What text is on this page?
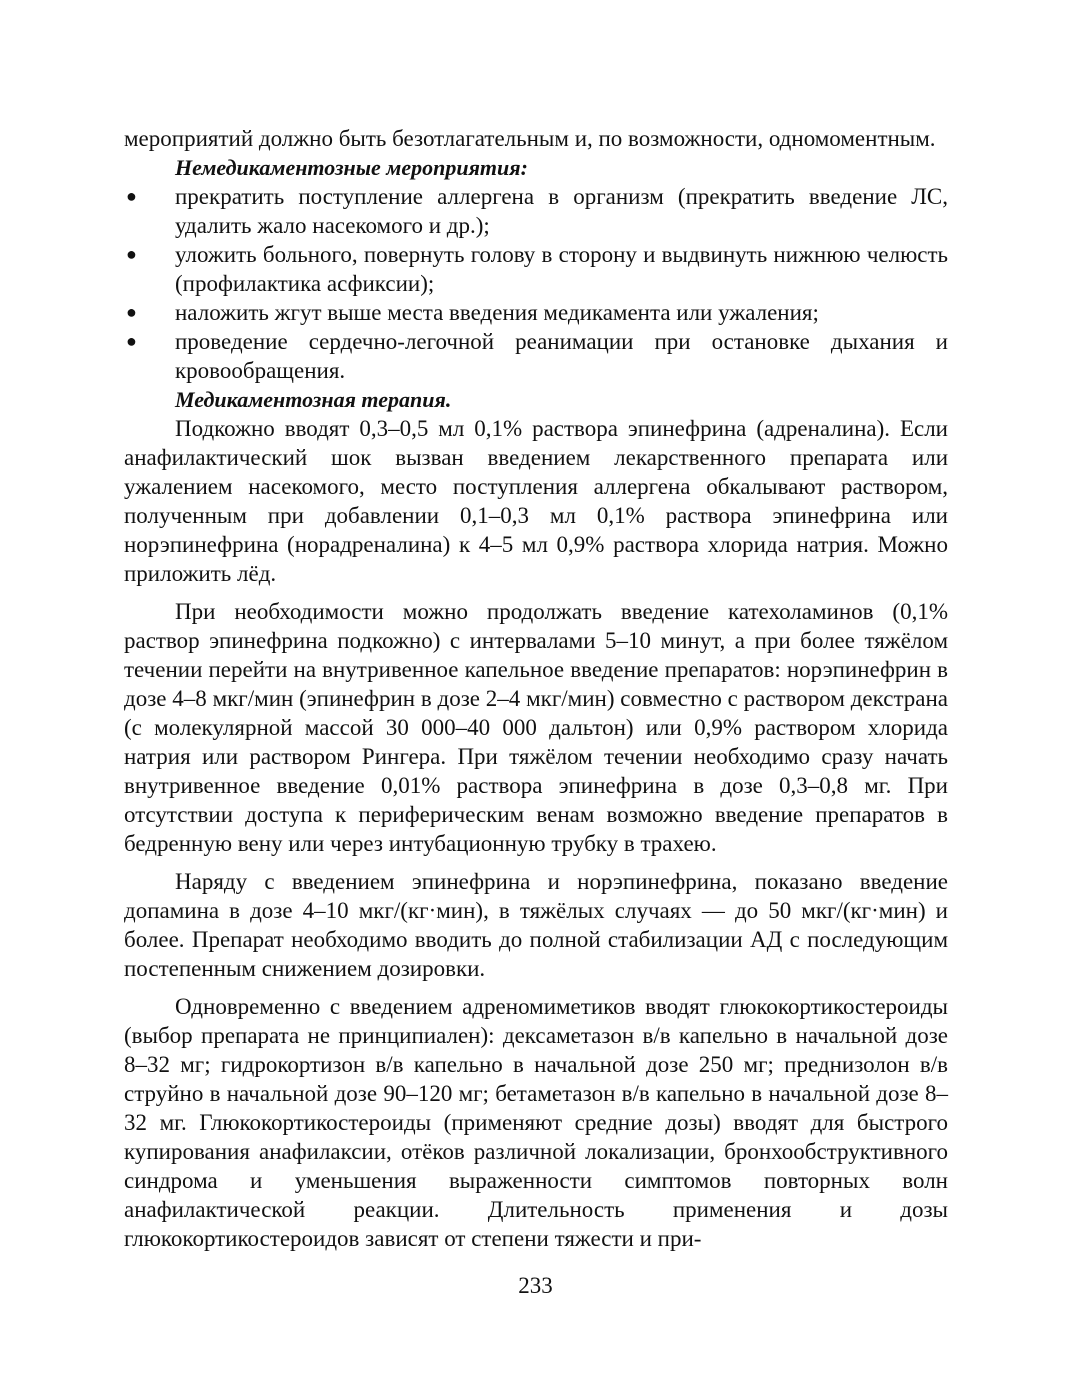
мероприятий должно быть безотлагательным и, по возможности, одномоментным.

Немедикаментозные мероприятия:

● прекратить поступление аллергена в организм (прекратить введение ЛС, удалить жало насекомого и др.);
● уложить больного, повернуть голову в сторону и выдвинуть нижнюю челюсть (профилактика асфиксии);
● наложить жгут выше места введения медикамента или ужаления;
● проведение сердечно-легочной реанимации при остановке дыхания и кровообращения.

Медикаментозная терапия.

Подкожно вводят 0,3–0,5 мл 0,1% раствора эпинефрина (адреналина). Если анафилактический шок вызван введением лекарственного препарата или ужалением насекомого, место поступления аллергена обкалывают раствором, полученным при добавлении 0,1–0,3 мл 0,1% раствора эпинефрина или норэпинефрина (норадреналина) к 4–5 мл 0,9% раствора хлорида натрия. Можно приложить лёд.

При необходимости можно продолжать введение катехоламинов (0,1% раствор эпинефрина подкожно) с интервалами 5–10 минут, а при более тяжёлом течении перейти на внутривенное капельное введение препаратов: норэпинефрин в дозе 4–8 мкг/мин (эпинефрин в дозе 2–4 мкг/мин) совместно с раствором декстрана (с молекулярной массой 30 000–40 000 дальтон) или 0,9% раствором хлорида натрия или раствором Рингера. При тяжёлом течении необходимо сразу начать внутривенное введение 0,01% раствора эпинефрина в дозе 0,3–0,8 мг. При отсутствии доступа к периферическим венам возможно введение препаратов в бедренную вену или через интубационную трубку в трахею.

Наряду с введением эпинефрина и норэпинефрина, показано введение допамина в дозе 4–10 мкг/(кг·мин), в тяжёлых случаях — до 50 мкг/(кг·мин) и более. Препарат необходимо вводить до полной стабилизации АД с последующим постепенным снижением дозировки.

Одновременно с введением адреномиметиков вводят глюкокортикостероиды (выбор препарата не принципиален): дексаметазон в/в капельно в начальной дозе 8–32 мг; гидрокортизон в/в капельно в начальной дозе 250 мг; преднизолон в/в струйно в начальной дозе 90–120 мг; бетаметазон в/в капельно в начальной дозе 8–32 мг. Глюкокортикостероиды (применяют средние дозы) вводят для быстрого купирования анафилаксии, отёков различной локализации, бронхообструктивного синдрома и уменьшения выраженности симптомов повторных волн анафилактической реакции. Длительность применения и дозы глюкокортикостероидов зависят от степени тяжести и при-

233
